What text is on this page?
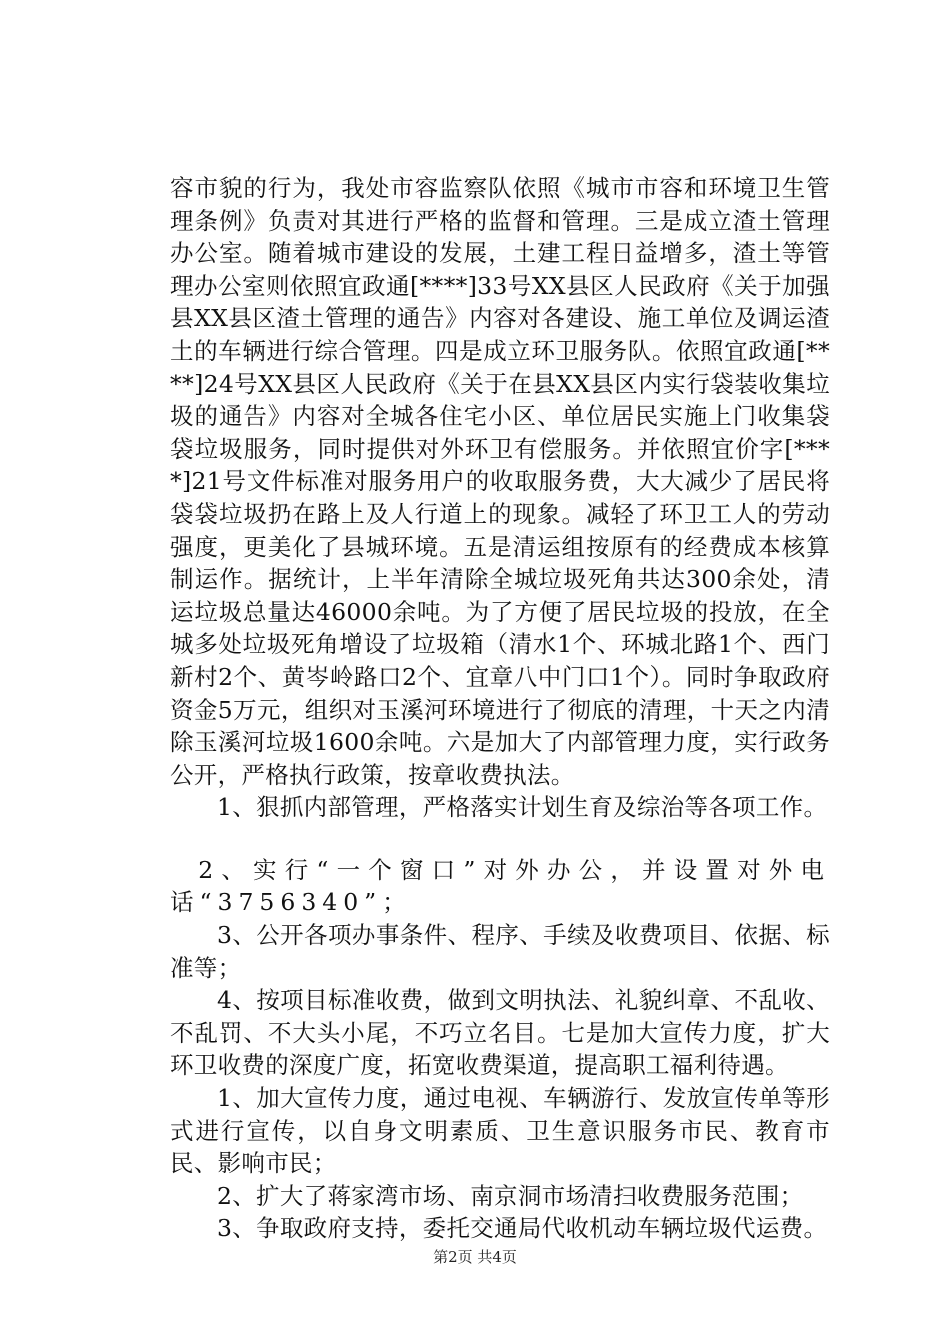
容市貌的行为，我处市容监察队依照《城市市容和环境卫生管理条例》负责对其进行严格的监督和管理。三是成立渣土管理办公室。随着城市建设的发展，土建工程日益增多，渣土等管理办公室则依照宜政通[****]33号XX县区人民政府《关于加强县XX县区渣土管理的通告》内容对各建设、施工单位及调运渣土的车辆进行综合管理。四是成立环卫服务队。依照宜政通[****]24号XX县区人民政府《关于在县XX县区内实行袋装收集垃圾的通告》内容对全城各住宅小区、单位居民实施上门收集袋袋垃圾服务，同时提供对外环卫有偿服务。并依照宜价字[****]21号文件标准对服务用户的收取服务费，大大减少了居民将袋袋垃圾扔在路上及人行道上的现象。减轻了环卫工人的劳动强度，更美化了县城环境。五是清运组按原有的经费成本核算制运作。据统计，上半年清除全城垃圾死角共达300余处，清运垃圾总量达46000余吨。为了方便了居民垃圾的投放，在全城多处垃圾死角增设了垃圾箱（清水1个、环城北路1个、西门新村2个、黄岑岭路口2个、宜章八中门口1个）。同时争取政府资金5万元，组织对玉溪河环境进行了彻底的清理，十天之内清除玉溪河垃圾1600余吨。六是加大了内部管理力度，实行政务公开，严格执行政策，按章收费执法。

1、狠抓内部管理，严格落实计划生育及综治等各项工作。

2、实行“一个窗口”对外办公，并设置对外电话“3756340”；

3、公开各项办事条件、程序、手续及收费项目、依据、标准等；

4、按项目标准收费，做到文明执法、礼貌纠章、不乱收、不乱罚、不大头小尾，不巧立名目。七是加大宣传力度，扩大环卫收费的深度广度，拓宽收费渠道，提高职工福利待遇。

1、加大宣传力度，通过电视、车辆游行、发放宣传单等形式进行宣传，以自身文明素质、卫生意识服务市民、教育市民、影响市民；

2、扩大了蒋家湾市场、南京洞市场清扫收费服务范围；

3、争取政府支持，委托交通局代收机动车辆垃圾代运费。

第2页 共4页
